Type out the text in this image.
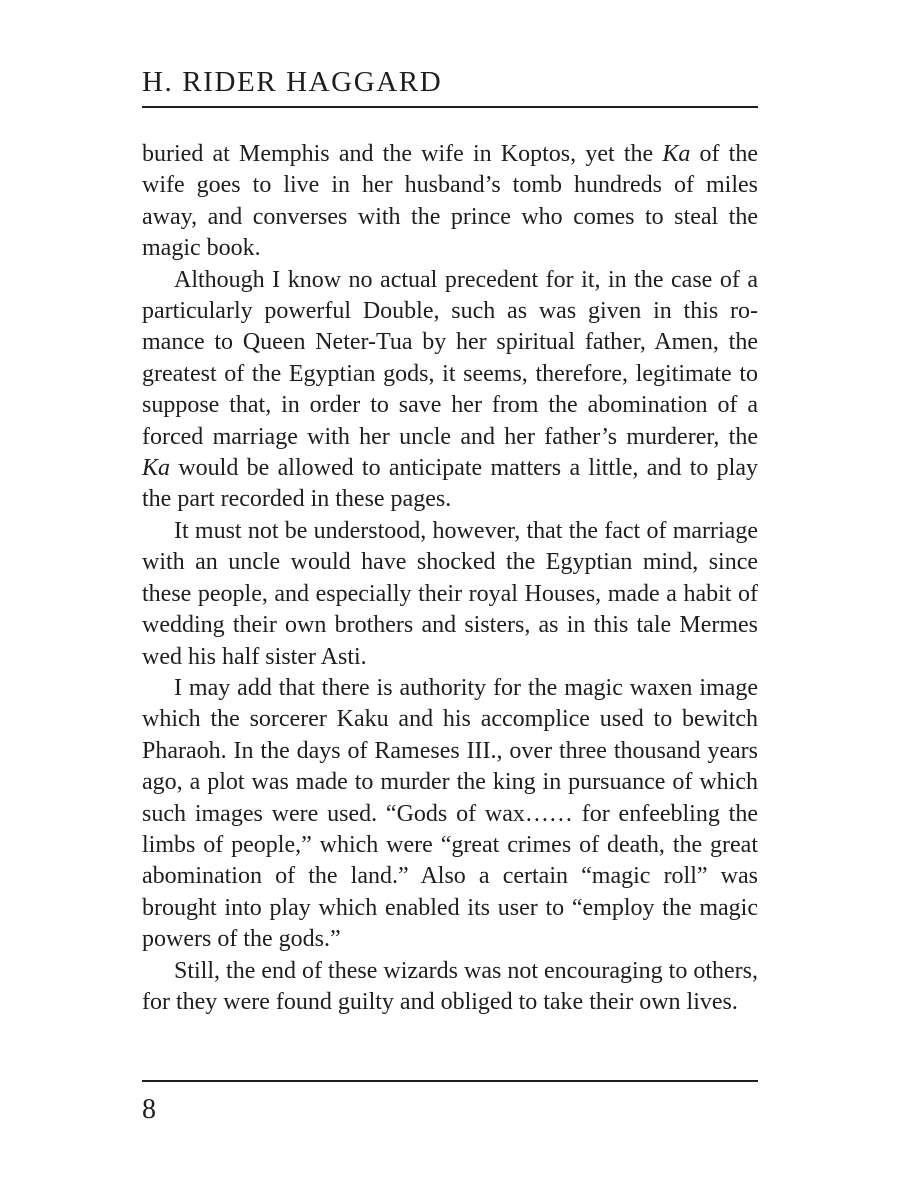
H. RIDER HAGGARD

buried at Memphis and the wife in Koptos, yet the Ka of the wife goes to live in her husband’s tomb hundreds of miles away, and converses with the prince who comes to steal the magic book.

Although I know no actual precedent for it, in the case of a particularly powerful Double, such as was given in this romance to Queen Neter-Tua by her spiritual father, Amen, the greatest of the Egyptian gods, it seems, therefore, legitimate to suppose that, in order to save her from the abomination of a forced marriage with her uncle and her father’s murderer, the Ka would be allowed to anticipate matters a little, and to play the part recorded in these pages.

It must not be understood, however, that the fact of marriage with an uncle would have shocked the Egyptian mind, since these people, and especially their royal Houses, made a habit of wedding their own brothers and sisters, as in this tale Mermes wed his half sister Asti.

I may add that there is authority for the magic waxen image which the sorcerer Kaku and his accomplice used to bewitch Pharaoh. In the days of Rameses III., over three thousand years ago, a plot was made to murder the king in pursuance of which such images were used. “Gods of wax…… for enfeebling the limbs of people,” which were “great crimes of death, the great abomination of the land.” Also a certain “magic roll” was brought into play which enabled its user to “employ the magic powers of the gods.”

Still, the end of these wizards was not encouraging to others, for they were found guilty and obliged to take their own lives.

8
